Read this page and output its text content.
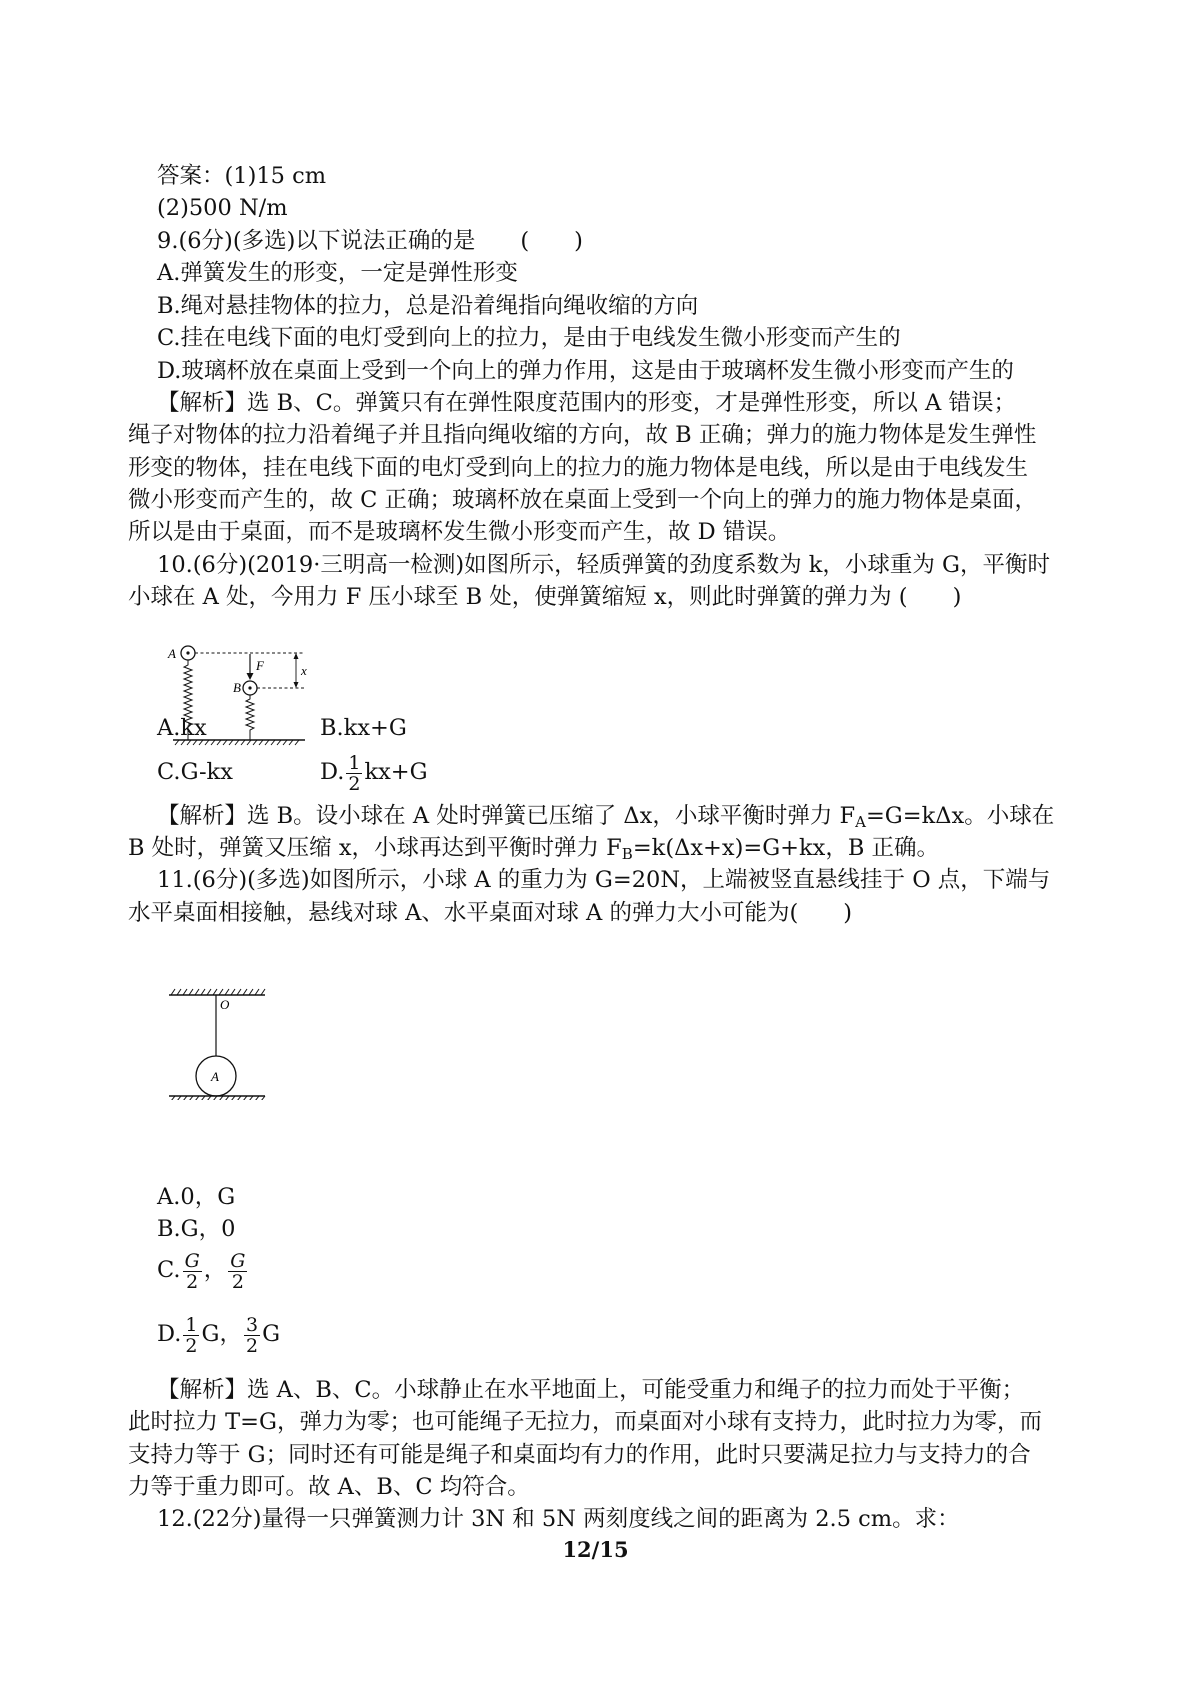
答案：(1)15 cm
(2)500 N/m
9.(6分)(多选)以下说法正确的是　　(　　)
A.弹簧发生的形变，一定是弹性形变
B.绳对悬挂物体的拉力，总是沿着绳指向绳收缩的方向
C.挂在电线下面的电灯受到向上的拉力，是由于电线发生微小形变而产生的
D.玻璃杯放在桌面上受到一个向上的弹力作用，这是由于玻璃杯发生微小形变而产生的
【解析】选 B、C。弹簧只有在弹性限度范围内的形变，才是弹性形变，所以 A 错误；
绳子对物体的拉力沿着绳子并且指向绳收缩的方向，故 B 正确；弹力的施力物体是发生弹性
形变的物体，挂在电线下面的电灯受到向上的拉力的施力物体是电线，所以是由于电线发生
微小形变而产生的，故 C 正确；玻璃杯放在桌面上受到一个向上的弹力的施力物体是桌面，
所以是由于桌面，而不是玻璃杯发生微小形变而产生，故 D 错误。
10.(6分)(2019·三明高一检测)如图所示，轻质弹簧的劲度系数为 k，小球重为 G，平衡时
小球在 A 处，今用力 F 压小球至 B 处，使弹簧缩短 x，则此时弹簧的弹力为 (　　)
A
B
F	x
A.kx	B.kx+G
C.G-kx	D. $\frac{1}{2} kx+G$
【解析】选 B。设小球在 A 处时弹簧已压缩了 Δx，小球平衡时弹力 $F_A=G=k\Delta x$。小球在
B 处时，弹簧又压缩 x，小球再达到平衡时弹力 $F_B=k(\Delta x+x)=G+kx$，B 正确。
11.(6分)(多选)如图所示，小球 A 的重力为 G=20N，上端被竖直悬线挂于 O 点，下端与
水平桌面相接触，悬线对球 A、水平桌面对球 A 的弹力大小可能为(　　)
O
A
A.0，G
B.G，0
C. $\frac{G}{2}$ ， $\frac{G}{2}$
D. $\frac{1}{2}$ G， $\frac{3}{2}$ G
【解析】选 A、B、C。小球静止在水平地面上，可能受重力和绳子的拉力而处于平衡；
此时拉力 T=G，弹力为零；也可能绳子无拉力，而桌面对小球有支持力，此时拉力为零，而
支持力等于 G；同时还有可能是绳子和桌面均有力的作用，此时只要满足拉力与支持力的合
力等于重力即可。故 A、B、C 均符合。
12.(22分)量得一只弹簧测力计 3N 和 5N 两刻度线之间的距离为 2.5 cm。求：
12/15
